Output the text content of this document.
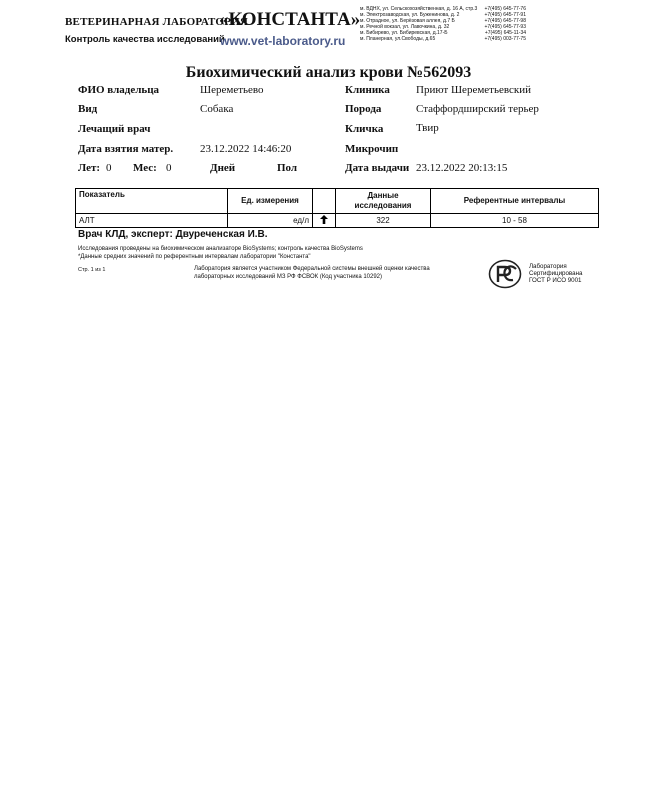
ВЕТЕРИНАРНАЯ ЛАБОРАТОРИЯ
«КОНСТАНТА»
Контроль качества исследований
www.vet-laboratory.ru
м. ВДНХ, ул. Сельскохозяйственная, д. 16 А, стр.3 +7(495) 645-77-76
м. Электрозаводская, ул. Буженинова, д. 2	+7(495) 645-77-91
м. Отрадное, ул. Берёзовая аллея, д.7 Б	+7(495) 645-77-98
м. Речной вокзал, ул. Лавочкина, д. 32	+7(495) 645-77-93
м. Бибирево, ул. Бибиревская, д.17-Б	+7(495) 645-11-34
м. Планерная, ул.Свободы, д.65	+7(495) 003-77-75
Биохимический анализ крови №562093
ФИО владельца	Шереметьево	Клиника Приют Шереметьевский
Вид	Собака	Порода	Стаффордширский терьер
Лечащий врач	Кличка	Твир
Дата взятия матер. 23.12.2022 14:46:20	Микрочип
Лет: 0 Мес: 0	Дней	Пол	Дата выдачи 23.12.2022 20:13:15
Показатель	Ед. измерения		Данные исследования	Референтные интервалы
АЛТ	ед/л		322	10 - 58
Врач КЛД, эксперт: Двуреченская И.В.
Исследования проведены на биохимическом анализаторе BioSystems; контроль качества BioSystems
*Данные средних значений по референтным интервалам лаборатории "Константа"
Стр. 1 из 1	Лаборатория является участником Федеральной системы внешней оценки качества
лабораторных исследований МЗ РФ ФСВОК (Код участника 10292)
Лаборатория
Сертифицирована
ГОСТ Р ИСО 9001
